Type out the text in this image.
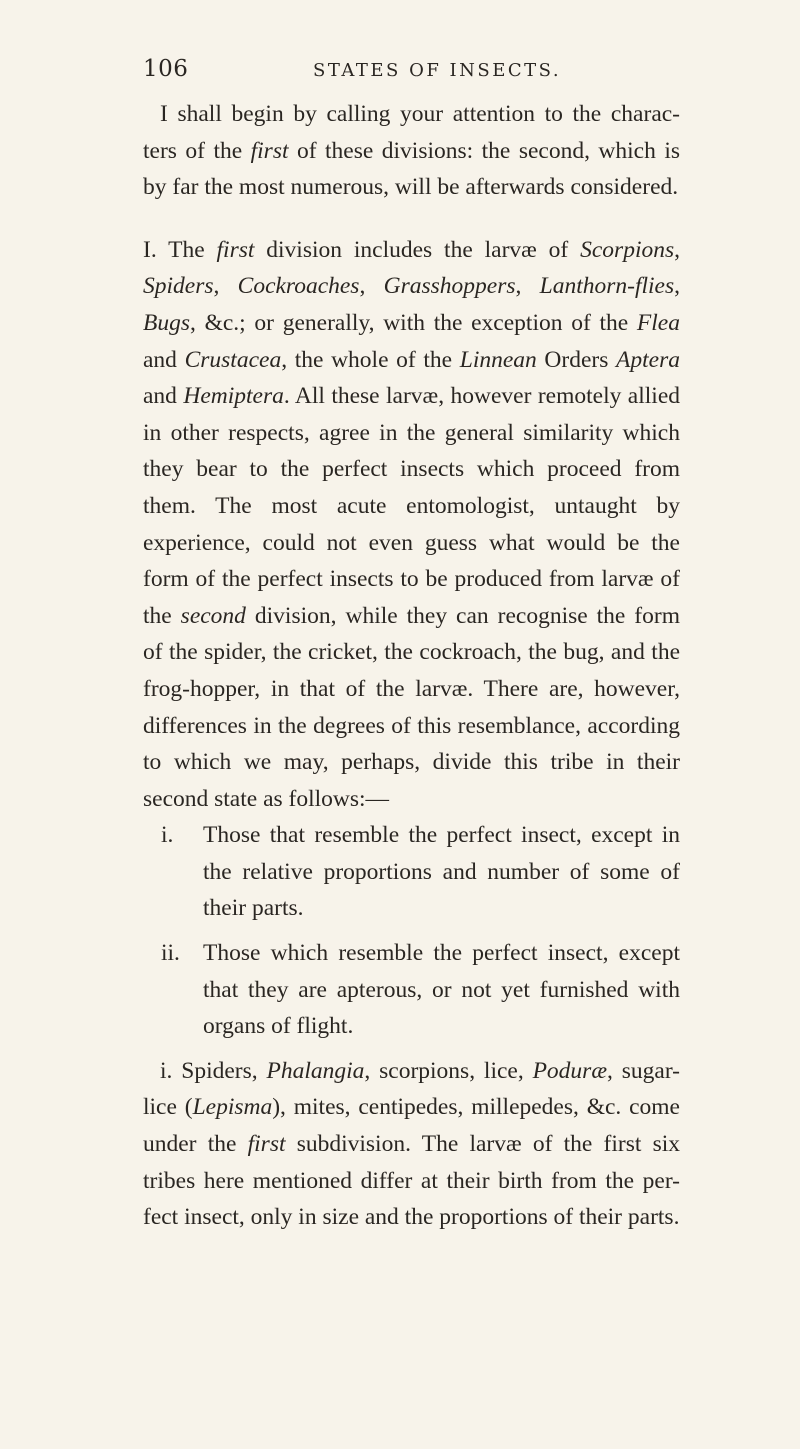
106	STATES OF INSECTS.

I shall begin by calling your attention to the charac-ters of the first of these divisions: the second, which is by far the most numerous, will be afterwards considered.

I. The first division includes the larvæ of Scorpions, Spiders, Cockroaches, Grasshoppers, Lanthorn-flies, Bugs, &c.; or generally, with the exception of the Flea and Crustacea, the whole of the Linnean Orders Aptera and Hemiptera. All these larvæ, however remotely allied in other respects, agree in the general similarity which they bear to the perfect insects which proceed from them. The most acute entomologist, untaught by experience, could not even guess what would be the form of the perfect insects to be produced from larvæ of the second division, while they can recognise the form of the spider, the cricket, the cockroach, the bug, and the frog-hopper, in that of the larvæ. There are, however, differences in the degrees of this resemblance, according to which we may, perhaps, divide this tribe in their second state as follows:—

i.	Those that resemble the perfect insect, except in the relative proportions and number of some of their parts.
ii. Those which resemble the perfect insect, except that they are apterous, or not yet furnished with organs of flight.

i. Spiders, Phalangia, scorpions, lice, Poduræ, sugar-lice (Lepisma), mites, centipedes, millepedes, &c. come under the first subdivision. The larvæ of the first six tribes here mentioned differ at their birth from the per-fect insect, only in size and the proportions of their parts.
